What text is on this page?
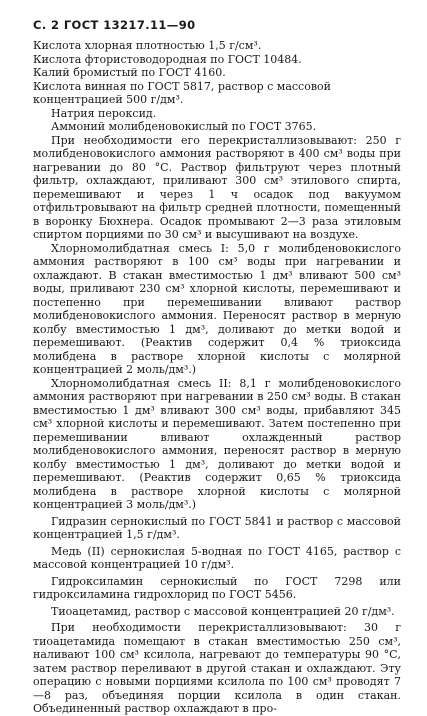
С. 2 ГОСТ 13217.11—90

Кислота хлорная плотностью 1,5 г/см³.

Кислота фтористоводородная по ГОСТ 10484.

Калий бромистый по ГОСТ 4160.

Кислота винная по ГОСТ 5817, раствор с массовой концентрацией 500 г/дм³.

Натрия пероксид.

Аммоний молибденовокислый по ГОСТ 3765.

При необходимости его перекристаллизовывают: 250 г молибденовокислого аммония растворяют в 400 см³ воды при нагревании до 80 °С. Раствор фильтруют через плотный фильтр, охлаждают, приливают 300 см³ этилового спирта, перемешивают и через 1 ч осадок под вакуумом отфильтровывают на фильтр средней плотности, помещенный в воронку Бюхнера. Осадок промывают 2—3 раза этиловым спиртом порциями по 30 см³ и высушивают на воздухе.

Хлорномолибдатная смесь I: 5,0 г молибденовокислого аммония растворяют в 100 см³ воды при нагревании и охлаждают. В стакан вместимостью 1 дм³ вливают 500 см³ воды, приливают 230 см³ хлорной кислоты, перемешивают и постепенно при перемешивании вливают раствор молибденовокислого аммония. Переносят раствор в мерную колбу вместимостью 1 дм³, доливают до метки водой и перемешивают. (Реактив содержит 0,4 % триоксида молибдена в растворе хлорной кислоты с молярной концентрацией 2 моль/дм³.)

Хлорномолибдатная смесь II: 8,1 г молибденовокислого аммония растворяют при нагревании в 250 см³ воды. В стакан вместимостью 1 дм³ вливают 300 см³ воды, прибавляют 345 см³ хлорной кислоты и перемешивают. Затем постепенно при перемешивании вливают охлажденный раствор молибденовокислого аммония, переносят раствор в мерную колбу вместимостью 1 дм³, доливают до метки водой и перемешивают. (Реактив содержит 0,65 % триоксида молибдена в растворе хлорной кислоты с молярной концентрацией 3 моль/дм³.)

Гидразин сернокислый по ГОСТ 5841 и раствор с массовой концентрацией 1,5 г/дм³.

Медь (II) сернокислая 5-водная по ГОСТ 4165, раствор с массовой концентрацией 10 г/дм³.

Гидроксиламин сернокислый по ГОСТ 7298 или гидроксиламина гидрохлорид по ГОСТ 5456.

Тиоацетамид, раствор с массовой концентрацией 20 г/дм³.

При необходимости перекристаллизовывают: 30 г тиоацетамида помещают в стакан вместимостью 250 см³, наливают 100 см³ ксилола, нагревают до температуры 90 °С, затем раствор переливают в другой стакан и охлаждают. Эту операцию с новыми порциями ксилола по 100 см³ проводят 7—8 раз, объединяя порции ксилола в один стакан. Объединенный раствор охлаждают в про-
